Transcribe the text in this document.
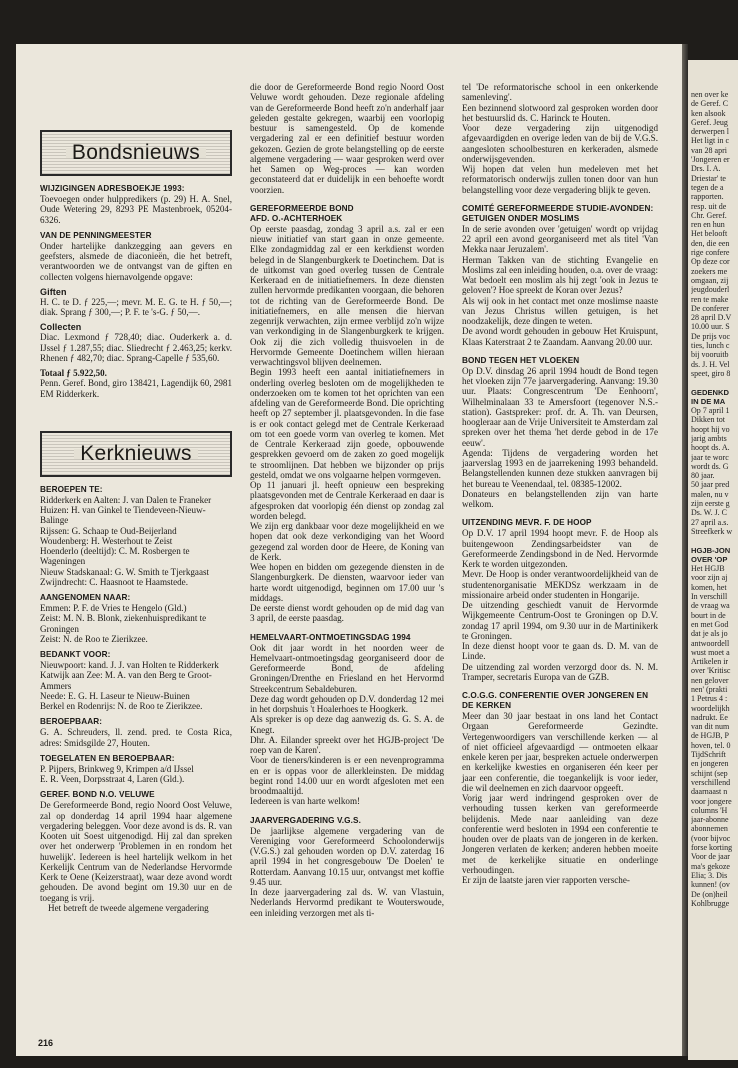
Bondsnieuws
WIJZIGINGEN ADRESBOEKJE 1993:

Toevoegen onder hulppredikers (p. 29) H. A. Snel, Oude Wetering 29, 8293 PE Mastenbroek, 05204-6326.

VAN DE PENNINGMEESTER

Onder hartelijke dankzegging aan gevers en geefsters, alsmede de diaconieën, die het betreft, verantwoorden we de ontvangst van de giften en collecten volgens hiernavolgende opgave:

Giften

H. C. te D. ƒ 225,—; mevr. M. E. G. te H. ƒ 50,—; diak. Sprang ƒ 300,—; P. F. te 's-G. ƒ 50,—.

Collecten

Diac. Lexmond ƒ 728,40; diac. Ouderkerk a. d. IJssel ƒ 1.287,55; diac. Sliedrecht ƒ 2.463,25; kerkv. Rhenen ƒ 482,70; diac. Sprang-Capelle ƒ 535,60.

Totaal ƒ 5.922,50.

Penn. Geref. Bond, giro 138421, Lagendijk 60, 2981 EM Ridderkerk.

Kerknieuws
BEROEPEN TE:
Ridderkerk en Aalten: J. van Dalen te Franeker
Huizen: H. van Ginkel te Tiendeveen-Nieuw-Balinge
Rijssen: G. Schaap te Oud-Beijerland
Woudenberg: H. Westerhout te Zeist
Hoenderlo (deeltijd): C. M. Rosbergen te Wageningen
Nieuw Stadskanaal: G. W. Smith te Tjerkgaast
Zwijndrecht: C. Haasnoot te Haamstede.
AANGENOMEN NAAR:
Emmen: P. F. de Vries te Hengelo (Gld.)
Zeist: M. N. B. Blonk, ziekenhuispredikant te Groningen
Zeist: N. de Roo te Zierikzee.
BEDANKT VOOR:
Nieuwpoort: kand. J. J. van Holten te Ridderkerk
Katwijk aan Zee: M. A. van den Berg te Groot-Ammers
Neede: E. G. H. Laseur te Nieuw-Buinen
Berkel en Rodenrijs: N. de Roo te Zierikzee.
BEROEPBAAR:

G. A. Schreuders, ll. zend. pred. te Costa Rica, adres: Smidsgilde 27, Houten.

TOEGELATEN EN BEROEPBAAR:
P. Pijpers, Brinkweg 9, Krimpen a/d IJssel
E. R. Veen, Dorpsstraat 4, Laren (Gld.).
GEREF. BOND N.O. VELUWE

De Gereformeerde Bond, regio Noord Oost Veluwe, zal op donderdag 14 april 1994 haar algemene vergadering beleggen. Voor deze avond is ds. R. van Kooten uit Soest uitgenodigd. Hij zal dan spreken over het onderwerp 'Problemen in en rondom het huwelijk'. Iedereen is heel hartelijk welkom in het Kerkelijk Centrum van de Nederlandse Hervormde Kerk te Oene (Keizerstraat), waar deze avond wordt gehouden. De avond begint om 19.30 uur en de toegang is vrij.

Het betreft de tweede algemene vergadering

die door de Gereformeerde Bond regio Noord Oost Veluwe wordt gehouden. Deze regionale afdeling van de Gereformeerde Bond heeft zo'n anderhalf jaar geleden gestalte gekregen, waarbij een voorlopig bestuur is samengesteld. Op de komende vergadering zal er een definitief bestuur worden gekozen. Gezien de grote belangstelling op de eerste algemene vergadering — waar gesproken werd over het Samen op Weg-proces — kan worden geconstateerd dat er duidelijk in een behoefte wordt voorzien.

GEREFORMEERDE BOND
AFD. O.-ACHTERHOEK

Op eerste paasdag, zondag 3 april a.s. zal er een nieuw initiatief van start gaan in onze gemeente. Elke zondagmiddag zal er een kerkdienst worden belegd in de Slangenburgkerk te Doetinchem. Dat is de uitkomst van goed overleg tussen de Centrale Kerkeraad en de initiatiefnemers. In deze diensten zullen hervormde predikanten voorgaan, die behoren tot de richting van de Gereformeerde Bond. De initiatiefnemers, en alle mensen die hiervan zegenrijk verwachten, zijn ermee verblijd zo'n wijze van verkondiging in de Slangenburgkerk te krijgen. Ook zij die zich volledig thuisvoelen in de Hervormde Gemeente Doetinchem willen hieraan verwachtingsvol blijven deelnemen.

Begin 1993 heeft een aantal initiatiefnemers in onderling overleg besloten om de mogelijkheden te onderzoeken om te komen tot het oprichten van een afdeling van de Gereformeerde Bond. Die oprichting heeft op 27 september jl. plaatsgevonden. In die fase is er ook contact gelegd met de Centrale Kerkeraad om tot een goede vorm van overleg te komen. Met de Centrale Kerkeraad zijn goede, opbouwende gesprekken gevoerd om de zaken zo goed mogelijk te stroomlijnen. Dat hebben we bijzonder op prijs gesteld, omdat we ons volgaarne helpen vormgeven.

Op 11 januari jl. heeft opnieuw een bespreking plaatsgevonden met de Centrale Kerkeraad en daar is afgesproken dat voorlopig één dienst op zondag zal worden belegd.

We zijn erg dankbaar voor deze mogelijkheid en we hopen dat ook deze verkondiging van het Woord gezegend zal worden door de Heere, de Koning van de Kerk.

Wee hopen en bidden om gezegende diensten in de Slangenburgkerk. De diensten, waarvoor ieder van harte wordt uitgenodigd, beginnen om 17.00 uur 's middags.

De eerste dienst wordt gehouden op de mid dag van 3 april, de eerste paasdag.

HEMELVAART-ONTMOETINGSDAG 1994

Ook dit jaar wordt in het noorden weer de Hemelvaart-ontmoetingsdag georganiseerd door de Gereformeerde Bond, de afdeling Groningen/Drenthe en Friesland en het Hervormd Streekcentrum Sebaldeburen.

Deze dag wordt gehouden op D.V. donderdag 12 mei in het dorpshuis 't Hoalerhoes te Hoogkerk.

Als spreker is op deze dag aanwezig ds. G. S. A. de Knegt.

Dhr. A. Eilander spreekt over het HGJB-project 'De roep van de Karen'.

Voor de tieners/kinderen is er een nevenprogramma en er is oppas voor de allerkleinsten. De middag begint rond 14.00 uur en wordt afgesloten met een broodmaaltijd.

Iedereen is van harte welkom!

JAARVERGADERING V.G.S.

De jaarlijkse algemene vergadering van de Vereniging voor Gereformeerd Schoolonderwijs (V.G.S.) zal gehouden worden op D.V. zaterdag 16 april 1994 in het congresgebouw 'De Doelen' te Rotterdam. Aanvang 10.15 uur, ontvangst met koffie 9.45 uur.

In deze jaarvergadering zal ds. W. van Vlastuin, Nederlands Hervormd predikant te Wouterswoude, een inleiding verzorgen met als ti-

tel 'De reformatorische school in een onkerkende samenleving'.

Een bezinnend slotwoord zal gesproken worden door het bestuurslid ds. C. Harinck te Houten.

Voor deze vergadering zijn uitgenodigd afgevaardigden en overige leden van de bij de V.G.S. aangesloten schoolbesturen en kerkeraden, alsmede onderwijsgevenden.

Wij hopen dat velen hun medeleven met het reformatorisch onderwijs zullen tonen door van hun belangstelling voor deze vergadering blijk te geven.

COMITÉ GEREFORMEERDE STUDIE-AVONDEN: GETUIGEN ONDER MOSLIMS

In de serie avonden over 'getuigen' wordt op vrijdag 22 april een avond georganiseerd met als titel 'Van Mekka naar Jeruzalem'.

Herman Takken van de stichting Evangelie en Moslims zal een inleiding houden, o.a. over de vraag: Wat bedoelt een moslim als hij zegt 'ook in Jezus te geloven'? Hoe spreekt de Koran over Jezus?

Als wij ook in het contact met onze moslimse naaste van Jezus Christus willen getuigen, is het noodzakelijk, deze dingen te weten.

De avond wordt gehouden in gebouw Het Kruispunt, Klaas Katerstraat 2 te Zaandam. Aanvang 20.00 uur.

BOND TEGEN HET VLOEKEN

Op D.V. dinsdag 26 april 1994 houdt de Bond tegen het vloeken zijn 77e jaarvergadering. Aanvang: 19.30 uur. Plaats: Congrescentrum 'De Eenhoorn', Wilhelminalaan 33 te Amersfoort (tegenover N.S.-station). Gastspreker: prof. dr. A. Th. van Deursen, hoogleraar aan de Vrije Universiteit te Amsterdam zal spreken over het thema 'het derde gebod in de 17e eeuw'.

Agenda: Tijdens de vergadering worden het jaarverslag 1993 en de jaarrekening 1993 behandeld. Belangstellenden kunnen deze stukken aanvragen bij het bureau te Veenendaal, tel. 08385-12002.

Donateurs en belangstellenden zijn van harte welkom.

UITZENDING MEVR. F. DE HOOP

Op D.V. 17 april 1994 hoopt mevr. F. de Hoop als buitengewoon Zendingsarbeidster van de Gereformeerde Zendingsbond in de Ned. Hervormde Kerk te worden uitgezonden.

Mevr. De Hoop is onder verantwoordelijkheid van de studentenorganisatie MEKDSz werkzaam in de missionaire arbeid onder studenten in Hongarije.

De uitzending geschiedt vanuit de Hervormde Wijkgemeente Centrum-Oost te Groningen op D.V. zondag 17 april 1994, om 9.30 uur in de Martinikerk te Groningen.

In deze dienst hoopt voor te gaan ds. D. M. van de Linde.

De uitzending zal worden verzorgd door ds. N. M. Tramper, secretaris Europa van de GZB.

C.O.G.G. CONFERENTIE OVER JONGEREN EN DE KERKEN

Meer dan 30 jaar bestaat in ons land het Contact Orgaan Gereformeerde Gezindte. Vertegenwoordigers van verschillende kerken — al of niet officieel afgevaardigd — ontmoeten elkaar enkele keren per jaar, bespreken actuele onderwerpen en kerkelijke kwesties en organiseren één keer per jaar een conferentie, die toegankelijk is voor ieder, die wil deelnemen en zich daarvoor opgeeft.

Vorig jaar werd indringend gesproken over de verhouding tussen kerken van gereformeerde belijdenis. Mede naar aanleiding van deze conferentie werd besloten in 1994 een conferentie te houden over de plaats van de jongeren in de kerken. Jongeren verlaten de kerken; anderen hebben moeite met de kerkelijke situatie en onderlinge verhoudingen.

Er zijn de laatste jaren vier rapporten versche-

216
nen over ke
de Geref. C
ken alsook
Geref. Jeug
derwerpen l
Het ligt in c
van 28 apri
'Jongeren er
Drs. I. A.
Driestar' te
tegen de a
rapporten.
resp. uit de
Chr. Geref.
ren en hun
Het belooft
den, die een
rige confere
Op deze cor
zoekers me
omgaan, zij
jeugdouderl
ren te make
De conferer
28 april D.V
10.00 uur. S
De prijs voc
ties, lunch c
bij vooruitb
ds. J. H. Vel
speet, giro 8

GEDENKD
IN DE MA
Op 7 april 1
Dikken tot
hoopt hij vo
jarig ambts
hoopt ds. A.
jaar te worc
wordt ds. G
80 jaar.
50 jaar pred
malen, nu v
zijn eerste g
Ds. W. J. C
27 april a.s.
Streefkerk w

HGJB-JON
OVER 'OP
Het HGJB
voor zijn aj
komen, het
In verschill
de vraag wa
bourt in de
en met God
dat je als jo
antwoordell
wust moet a
Artikelen ir
over 'Kritisc
nen gelover
nen' (prakti
1 Petrus 4 :
woordelijkh
nadrukt. Ee
van dit num
de HGJB, P
hoven, tel. 0
TijdSchrift
en jongeren
schijnt (sep
verschillend
daarnaast n
voor jongere
columns 'H
jaar-abonne
abonnemen
(voor bijvoc
forse korting
Voor de jaar
ma's gekoze
Elia; 3. Dis
kunnen! (ov
De (on)heil
Kohlbrugge
